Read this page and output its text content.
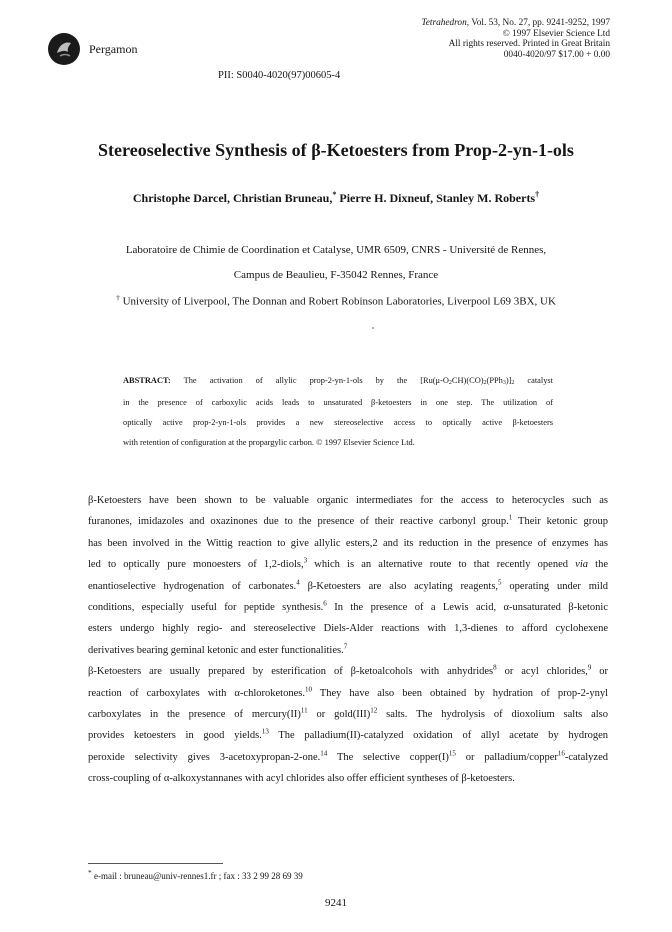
Pergamon
Tetrahedron, Vol. 53, No. 27, pp. 9241-9252, 1997
© 1997 Elsevier Science Ltd
All rights reserved. Printed in Great Britain
0040-4020/97 $17.00 + 0.00
PII: S0040-4020(97)00605-4
Stereoselective Synthesis of β-Ketoesters from Prop-2-yn-1-ols
Christophe Darcel, Christian Bruneau,* Pierre H. Dixneuf, Stanley M. Roberts†
Laboratoire de Chimie de Coordination et Catalyse, UMR 6509, CNRS - Université de Rennes,
Campus de Beaulieu, F-35042 Rennes, France
† University of Liverpool, The Donnan and Robert Robinson Laboratories, Liverpool L69 3BX, UK
ABSTRACT: The activation of allylic prop-2-yn-1-ols by the $[Ru(\mu-O_2CH)(CO)_2(PPh_3)]_2$ catalyst
in the presence of carboxylic acids leads to unsaturated β-ketoesters in one step. The utilization of
optically active prop-2-yn-1-ols provides a new stereoselective access to optically active β-ketoesters
with retention of configuration at the propargylic carbon. © 1997 Elsevier Science Ltd.
β-Ketoesters have been shown to be valuable organic intermediates for the access to heterocycles such as
furanones, imidazoles and oxazinones due to the presence of their reactive carbonyl group.$^1$ Their ketonic group
has been involved in the Wittig reaction to give allylic esters,2 and its reduction in the presence of enzymes has
led to optically pure monoesters of 1,2-diols,$^3$ which is an alternative route to that recently opened via the
enantioselective hydrogenation of carbonates.$^4$ β-Ketoesters are also acylating reagents,$^5$ operating under mild
conditions, especially useful for peptide synthesis.$^6$ In the presence of a Lewis acid, α-unsaturated β-ketonic
esters undergo highly regio- and stereoselective Diels-Alder reactions with 1,3-dienes to afford cyclohexene
derivatives bearing geminal ketonic and ester functionalities.$^7$
β-Ketoesters are usually prepared by esterification of β-ketoalcohols with anhydrides$^8$ or acyl chlorides,$^9$ or
reaction of carboxylates with α-chloroketones.$^{10}$ They have also been obtained by hydration of prop-2-ynyl
carboxylates in the presence of mercury(II)$^{11}$ or gold(III)$^{12}$ salts. The hydrolysis of dioxolium salts also
provides ketoesters in good yields.$^{13}$ The palladium(II)-catalyzed oxidation of allyl acetate by hydrogen
peroxide selectivity gives 3-acetoxypropan-2-one.$^{14}$ The selective $copper(I)^{15}$ or palladium/copper$^{16}$-catalyzed
cross-coupling of α-alkoxystannanes with acyl chlorides also offer efficient syntheses of β-ketoesters.
* e-mail : bruneau@univ-rennes1.fr ; fax : 33 2 99 28 69 39
9241
